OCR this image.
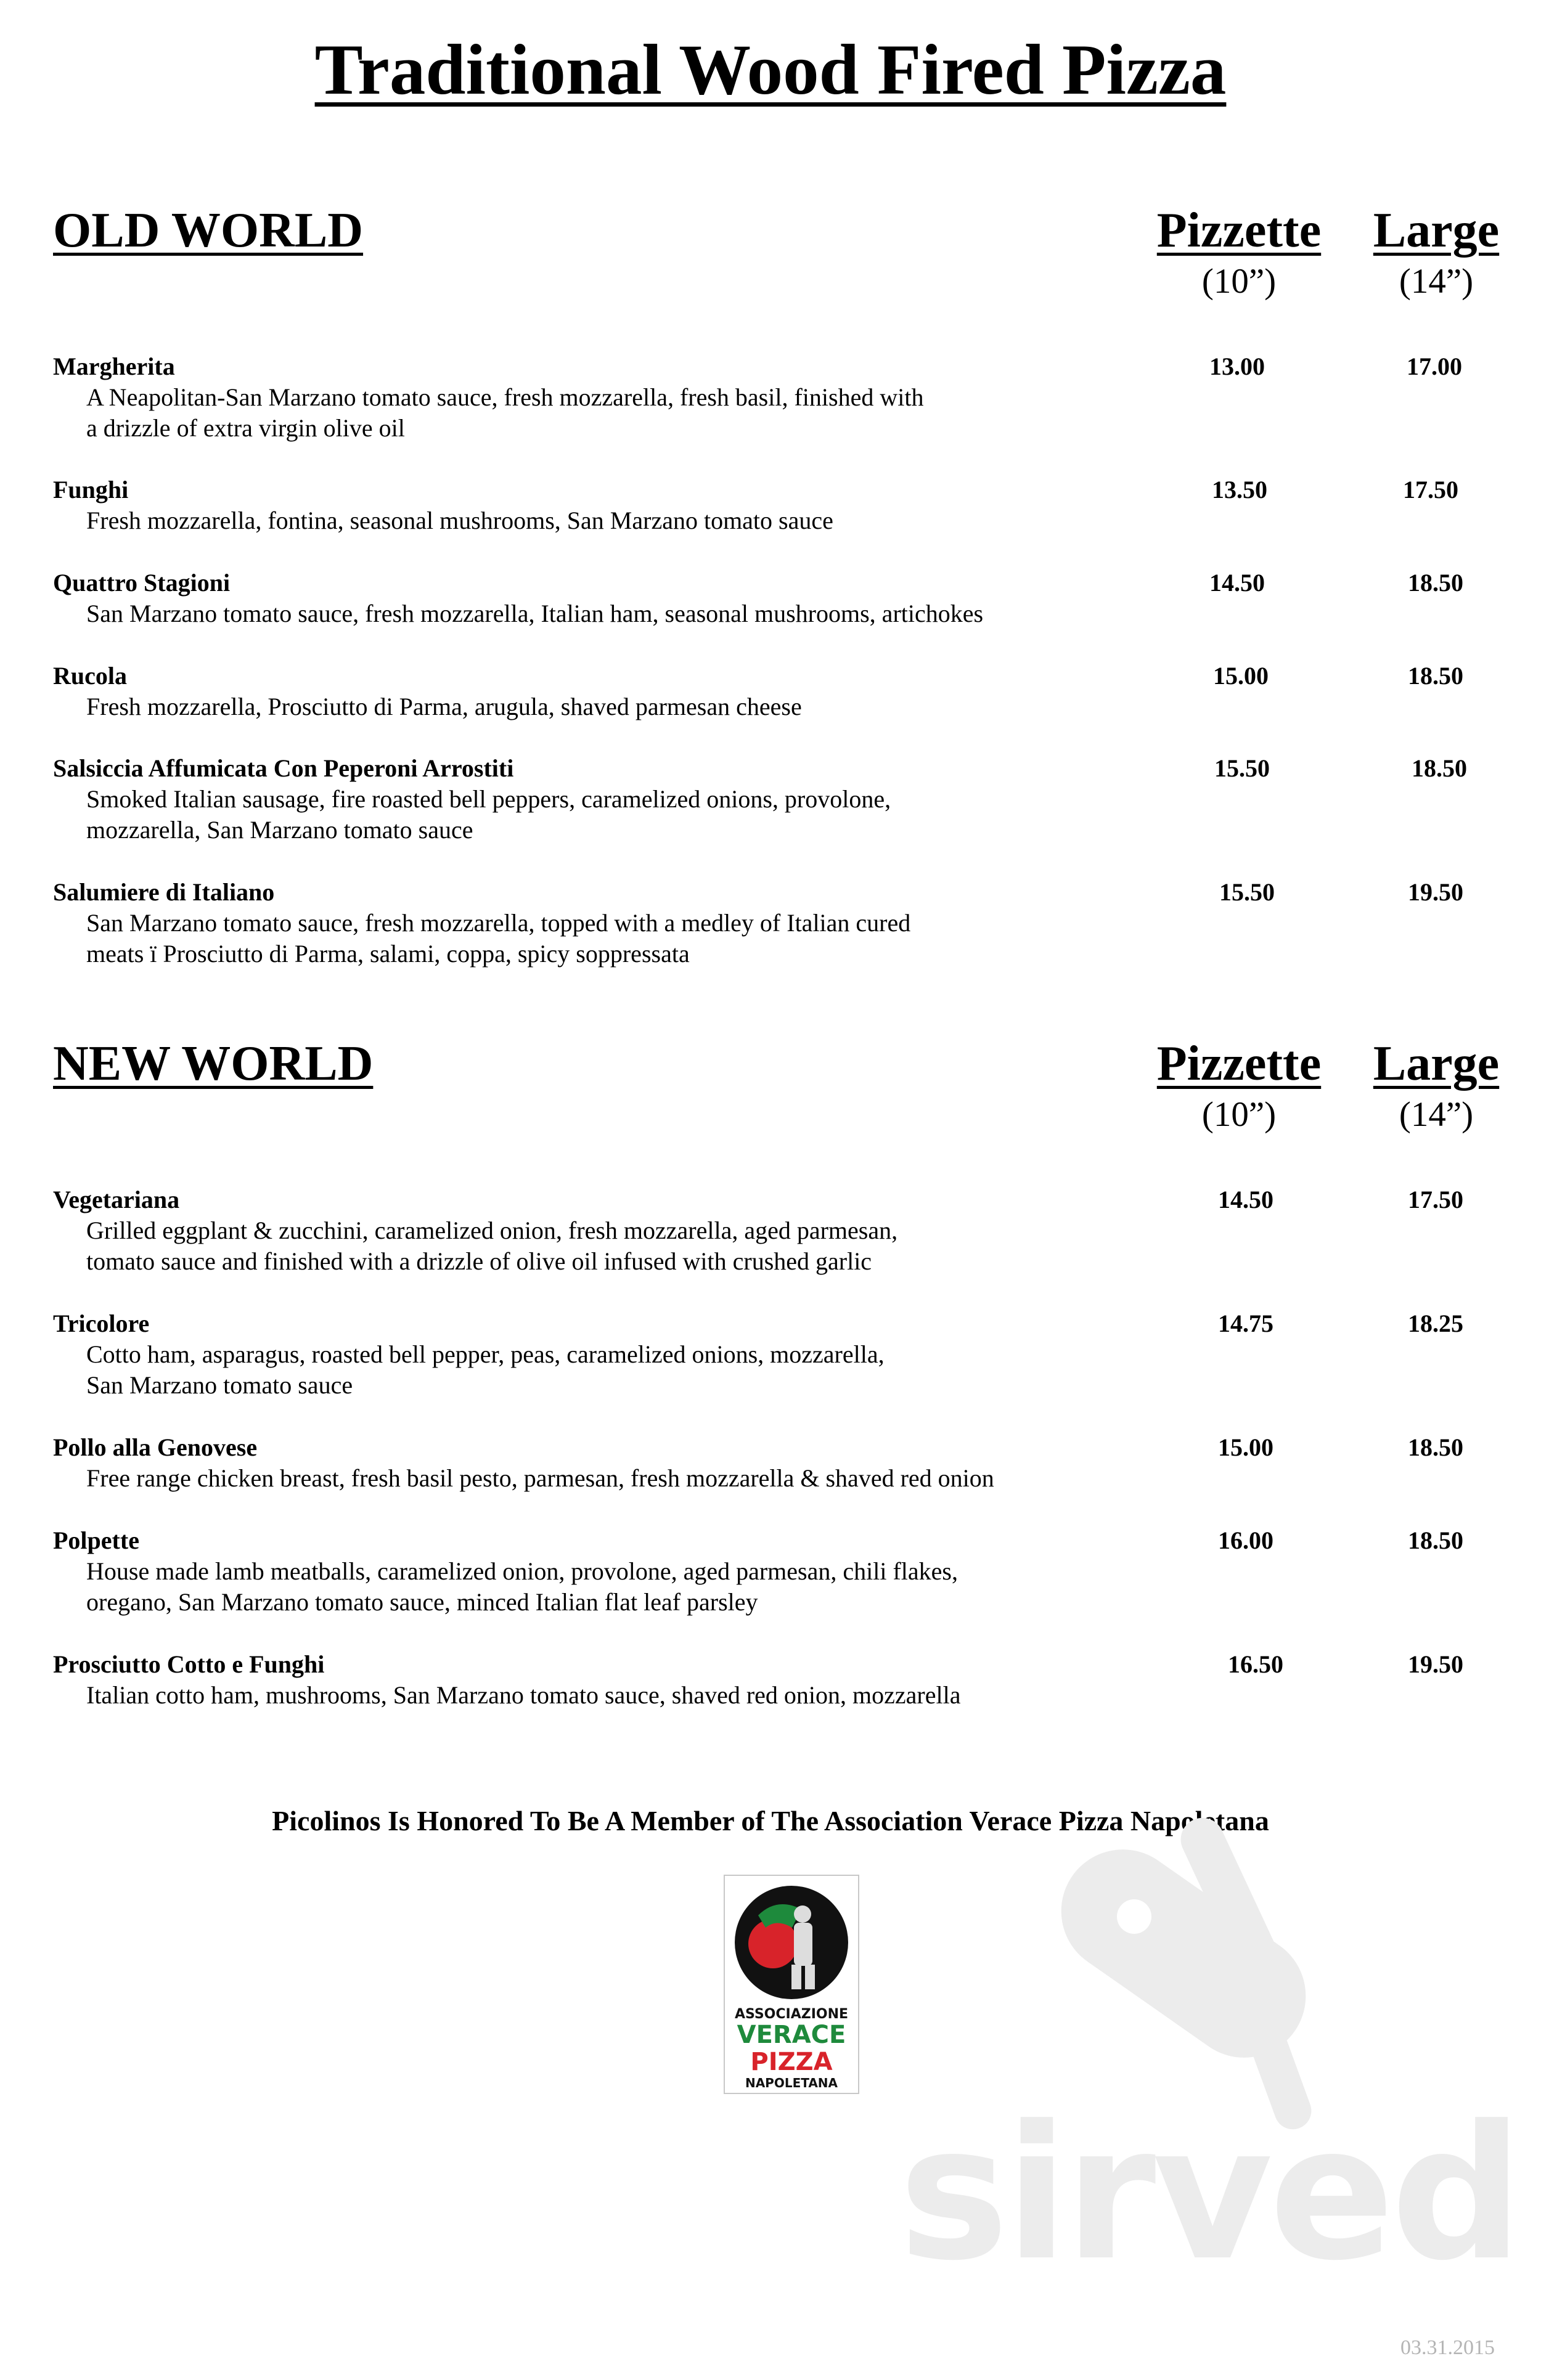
Traditional Wood Fired Pizza
OLD WORLD	Pizzette	Large
(10”)	(14”)
Margherita	13.00	17.00
A Neapolitan-San Marzano tomato sauce, fresh mozzarella, fresh basil, finished with
a drizzle of extra virgin olive oil
Funghi	13.50	17.50
Fresh mozzarella, fontina, seasonal mushrooms, San Marzano tomato sauce
Quattro Stagioni	14.50	18.50
San Marzano tomato sauce, fresh mozzarella, Italian ham, seasonal mushrooms, artichokes
Rucola	15.00	18.50
Fresh mozzarella, Prosciutto di Parma, arugula, shaved parmesan cheese
Salsiccia Affumicata Con Peperoni Arrostiti	15.50	18.50
Smoked Italian sausage, fire roasted bell peppers, caramelized onions, provolone,
mozzarella, San Marzano tomato sauce
Salumiere di Italiano	15.50	19.50
San Marzano tomato sauce, fresh mozzarella, topped with a medley of Italian cured
meats ï Prosciutto di Parma, salami, coppa, spicy soppressata
NEW WORLD	Pizzette	Large
(10”)	(14”)
Vegetariana	14.50	17.50
Grilled eggplant & zucchini, caramelized onion, fresh mozzarella, aged parmesan,
tomato sauce and finished with a drizzle of olive oil infused with crushed garlic
Tricolore	14.75	18.25
Cotto ham, asparagus, roasted bell pepper, peas, caramelized onions, mozzarella,
San Marzano tomato sauce
Pollo alla Genovese	15.00	18.50
Free range chicken breast, fresh basil pesto, parmesan, fresh mozzarella & shaved red onion
Polpette	16.00	18.50
House made lamb meatballs, caramelized onion, provolone, aged parmesan, chili flakes,
oregano, San Marzano tomato sauce, minced Italian flat leaf parsley
Prosciutto Cotto e Funghi	16.50	19.50
Italian cotto ham, mushrooms, San Marzano tomato sauce, shaved red onion, mozzarella
Picolinos Is Honored To Be A Member of The Association Verace Pizza Napoletana
ASSOCIAZIONE
VERACE
PIZZA
NAPOLETANA
sirved
03.31.2015
